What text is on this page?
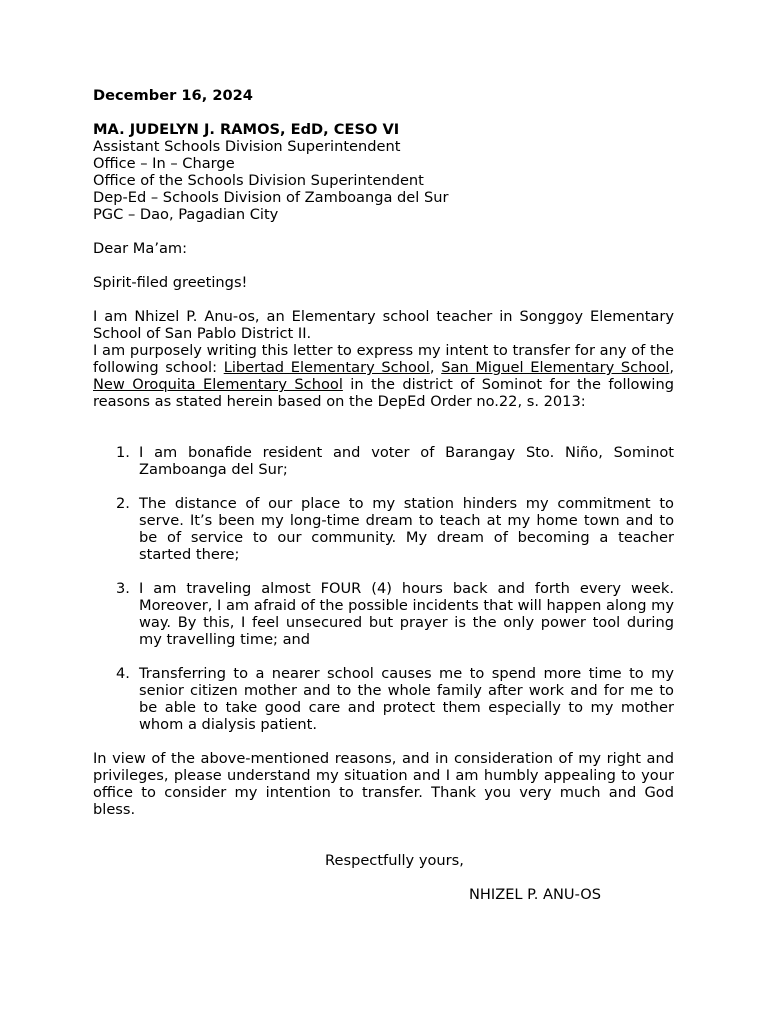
December 16, 2024
MA. JUDELYN J. RAMOS, EdD, CESO VI
Assistant Schools Division Superintendent
Office – In – Charge
Office of the Schools Division Superintendent
Dep-Ed – Schools Division of Zamboanga del Sur
PGC – Dao, Pagadian City
Dear Ma’am:
Spirit-filed greetings!

I am Nhizel P. Anu-os, an Elementary school teacher in Songgoy Elementary School of San Pablo District II.

I am purposely writing this letter to express my intent to transfer for any of the following school: Libertad Elementary School, San Miguel Elementary School, New Oroquita Elementary School in the district of Sominot for the following reasons as stated herein based on the DepEd Order no.22, s. 2013:

1. I am bonafide resident and voter of Barangay Sto. Niño, Sominot Zamboanga del Sur;
2. The distance of our place to my station hinders my commitment to serve. It’s been my long-time dream to teach at my home town and to be of service to our community. My dream of becoming a teacher started there;
3. I am traveling almost FOUR (4) hours back and forth every week. Moreover, I am afraid of the possible incidents that will happen along my way. By this, I feel unsecured but prayer is the only power tool during my travelling time; and
4. Transferring to a nearer school causes me to spend more time to my senior citizen mother and to the whole family after work and for me to be able to take good care and protect them especially to my mother whom a dialysis patient.

In view of the above-mentioned reasons, and in consideration of my right and privileges, please understand my situation and I am humbly appealing to your office to consider my intention to transfer. Thank you very much and God bless.

Respectfully yours,
NHIZEL P. ANU-OS
